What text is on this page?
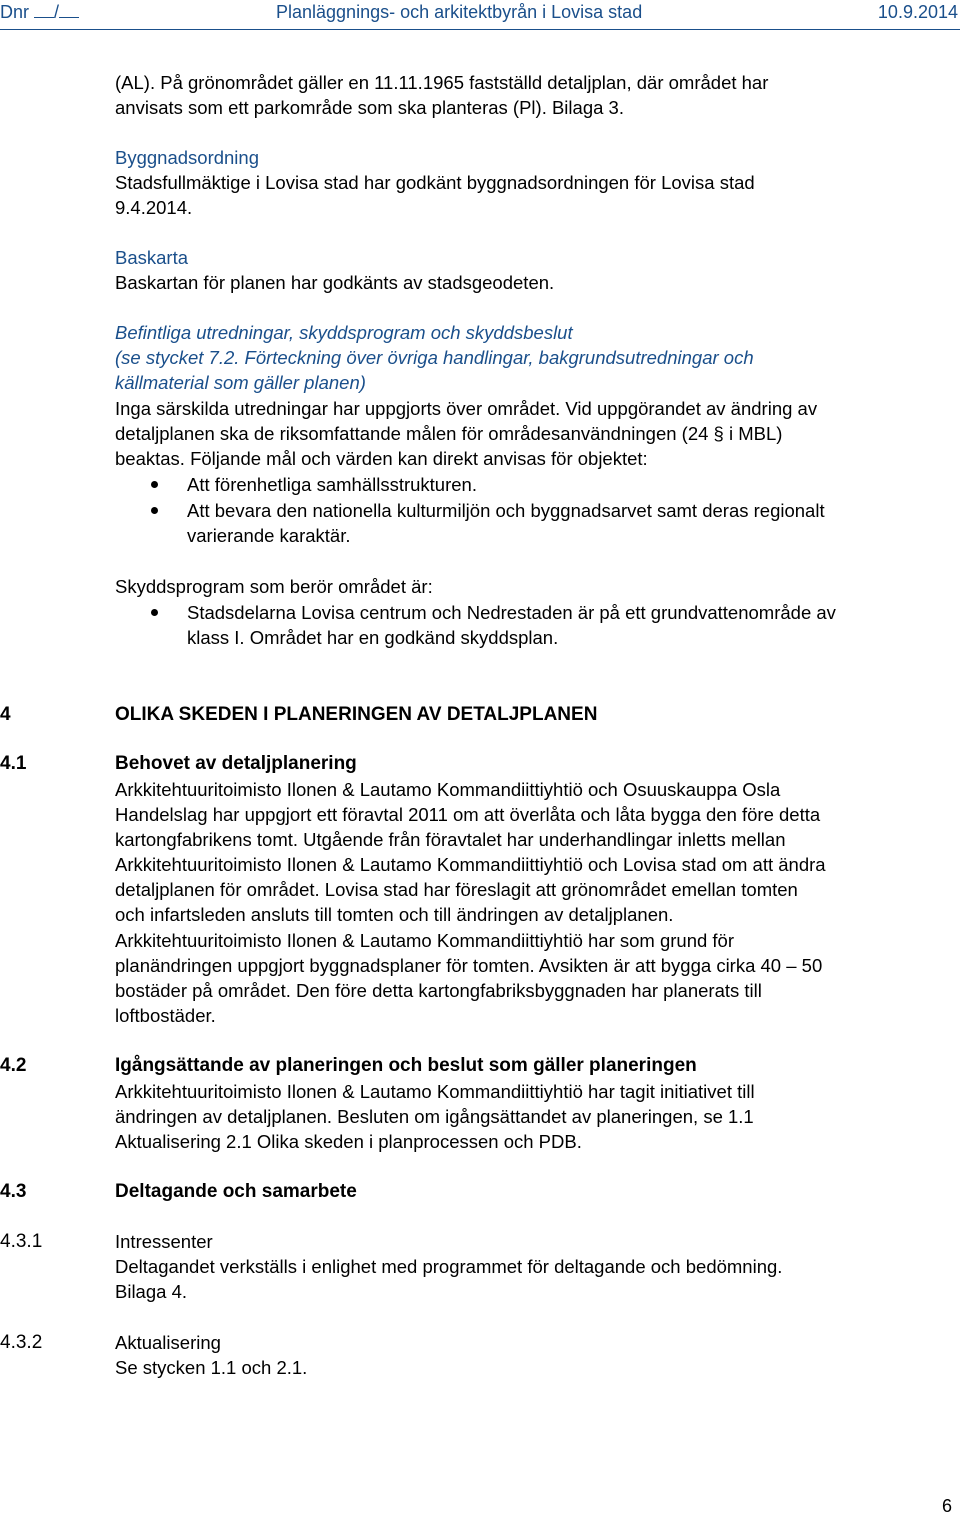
Dnr /	Planläggnings- och arkitektbyrån i Lovisa stad	10.9.2014
(AL). På grönområdet gäller en 11.11.1965 fastställd detaljplan, där området har
anvisats som ett parkområde som ska planteras (Pl). Bilaga 3.
Byggnadsordning
Stadsfullmäktige i Lovisa stad har godkänt byggnadsordningen för Lovisa stad
9.4.2014.
Baskarta
Baskartan för planen har godkänts av stadsgeodeten.
Befintliga utredningar, skyddsprogram och skyddsbeslut
(se stycket 7.2. Förteckning över övriga handlingar, bakgrundsutredningar och
källmaterial som gäller planen)
Inga särskilda utredningar har uppgjorts över området. Vid uppgörandet av ändring av
detaljplanen ska de riksomfattande målen för områdesanvändningen (24 § i MBL)
beaktas. Följande mål och värden kan direkt anvisas för objektet:
Att förenhetliga samhällsstrukturen.
Att bevara den nationella kulturmiljön och byggnadsarvet samt deras regionalt
varierande karaktär.
Skyddsprogram som berör området är:
Stadsdelarna Lovisa centrum och Nedrestaden är på ett grundvattenområde av
klass I. Området har en godkänd skyddsplan.
4	OLIKA SKEDEN I PLANERINGEN AV DETALJPLANEN
4.1	Behovet av detaljplanering
Arkkitehtuuritoimisto Ilonen & Lautamo Kommandiittiyhtiö och Osuuskauppa Osla
Handelslag har uppgjort ett föravtal 2011 om att överlåta och låta bygga den före detta
kartongfabrikens tomt. Utgående från föravtalet har underhandlingar inletts mellan
Arkkitehtuuritoimisto Ilonen & Lautamo Kommandiittiyhtiö och Lovisa stad om att ändra
detaljplanen för området. Lovisa stad har föreslagit att grönområdet emellan tomten
och infartsleden ansluts till tomten och till ändringen av detaljplanen.
Arkkitehtuuritoimisto Ilonen & Lautamo Kommandiittiyhtiö har som grund för
planändringen uppgjort byggnadsplaner för tomten. Avsikten är att bygga cirka 40 – 50
bostäder på området. Den före detta kartongfabriksbyggnaden har planerats till
loftbostäder.
4.2	Igångsättande av planeringen och beslut som gäller planeringen
Arkkitehtuuritoimisto Ilonen & Lautamo Kommandiittiyhtiö har tagit initiativet till
ändringen av detaljplanen. Besluten om igångsättandet av planeringen, se 1.1
Aktualisering 2.1 Olika skeden i planprocessen och PDB.
4.3	Deltagande och samarbete
4.3.1	Intressenter
Deltagandet verkställs i enlighet med programmet för deltagande och bedömning.
Bilaga 4.
4.3.2	Aktualisering
Se stycken 1.1 och 2.1.
6
